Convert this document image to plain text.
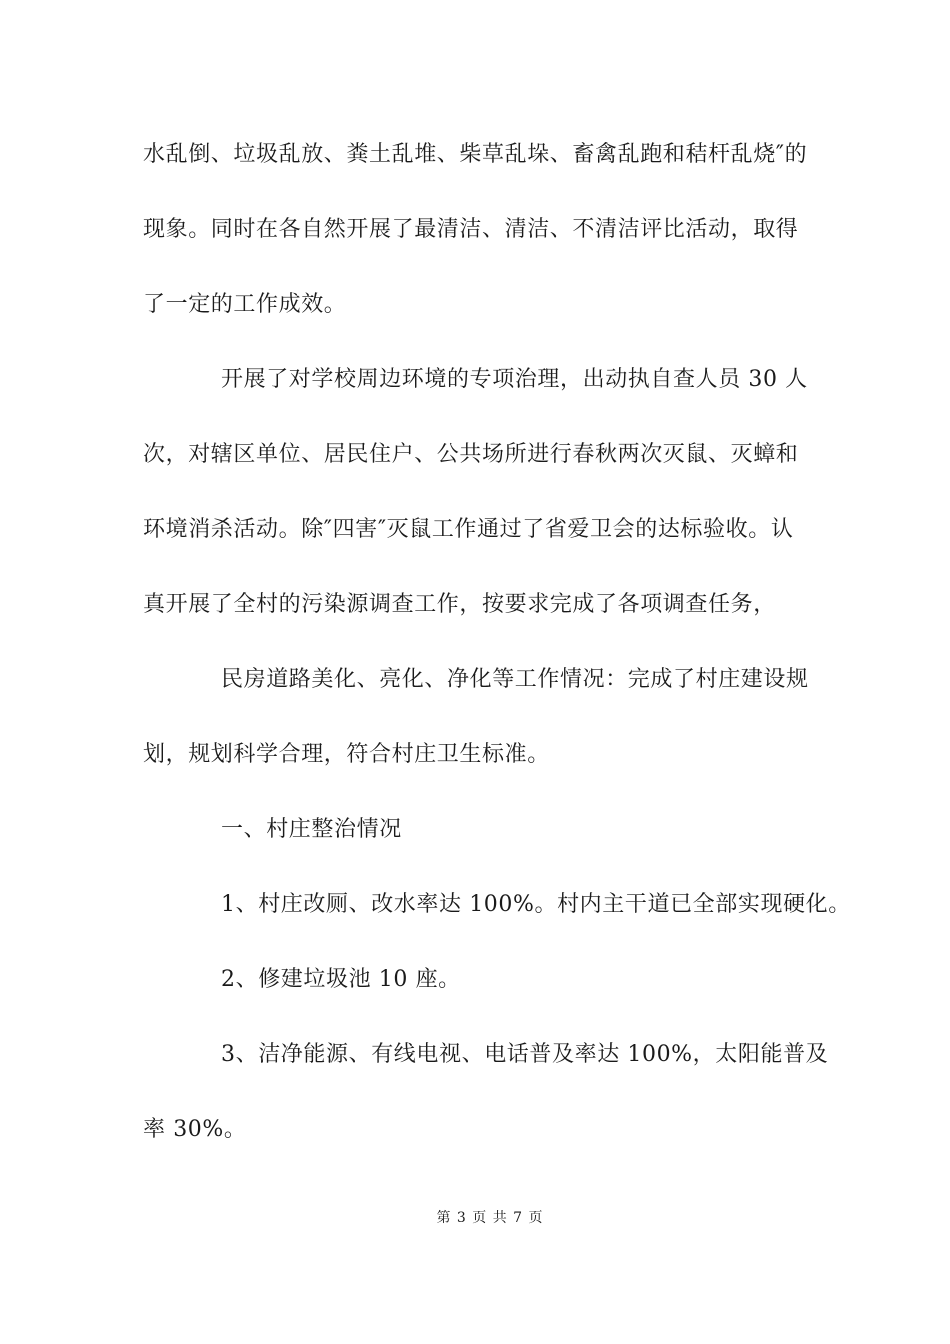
水乱倒、垃圾乱放、粪土乱堆、柴草乱垛、畜禽乱跑和秸杆乱烧″的
现象。同时在各自然开展了最清洁、清洁、不清洁评比活动，取得
了一定的工作成效。
开展了对学校周边环境的专项治理，出动执自查人员 30 人
次，对辖区单位、居民住户、公共场所进行春秋两次灭鼠、灭蟑和
环境消杀活动。除″四害″灭鼠工作通过了省爱卫会的达标验收。认
真开展了全村的污染源调查工作，按要求完成了各项调查任务，
民房道路美化、亮化、净化等工作情况：完成了村庄建设规
划，规划科学合理，符合村庄卫生标准。
一、村庄整治情况
1、村庄改厕、改水率达 100%。村内主干道已全部实现硬化。
2、修建垃圾池 10 座。
3、洁净能源、有线电视、电话普及率达 100%，太阳能普及
率 30%。
第 3 页 共 7 页
